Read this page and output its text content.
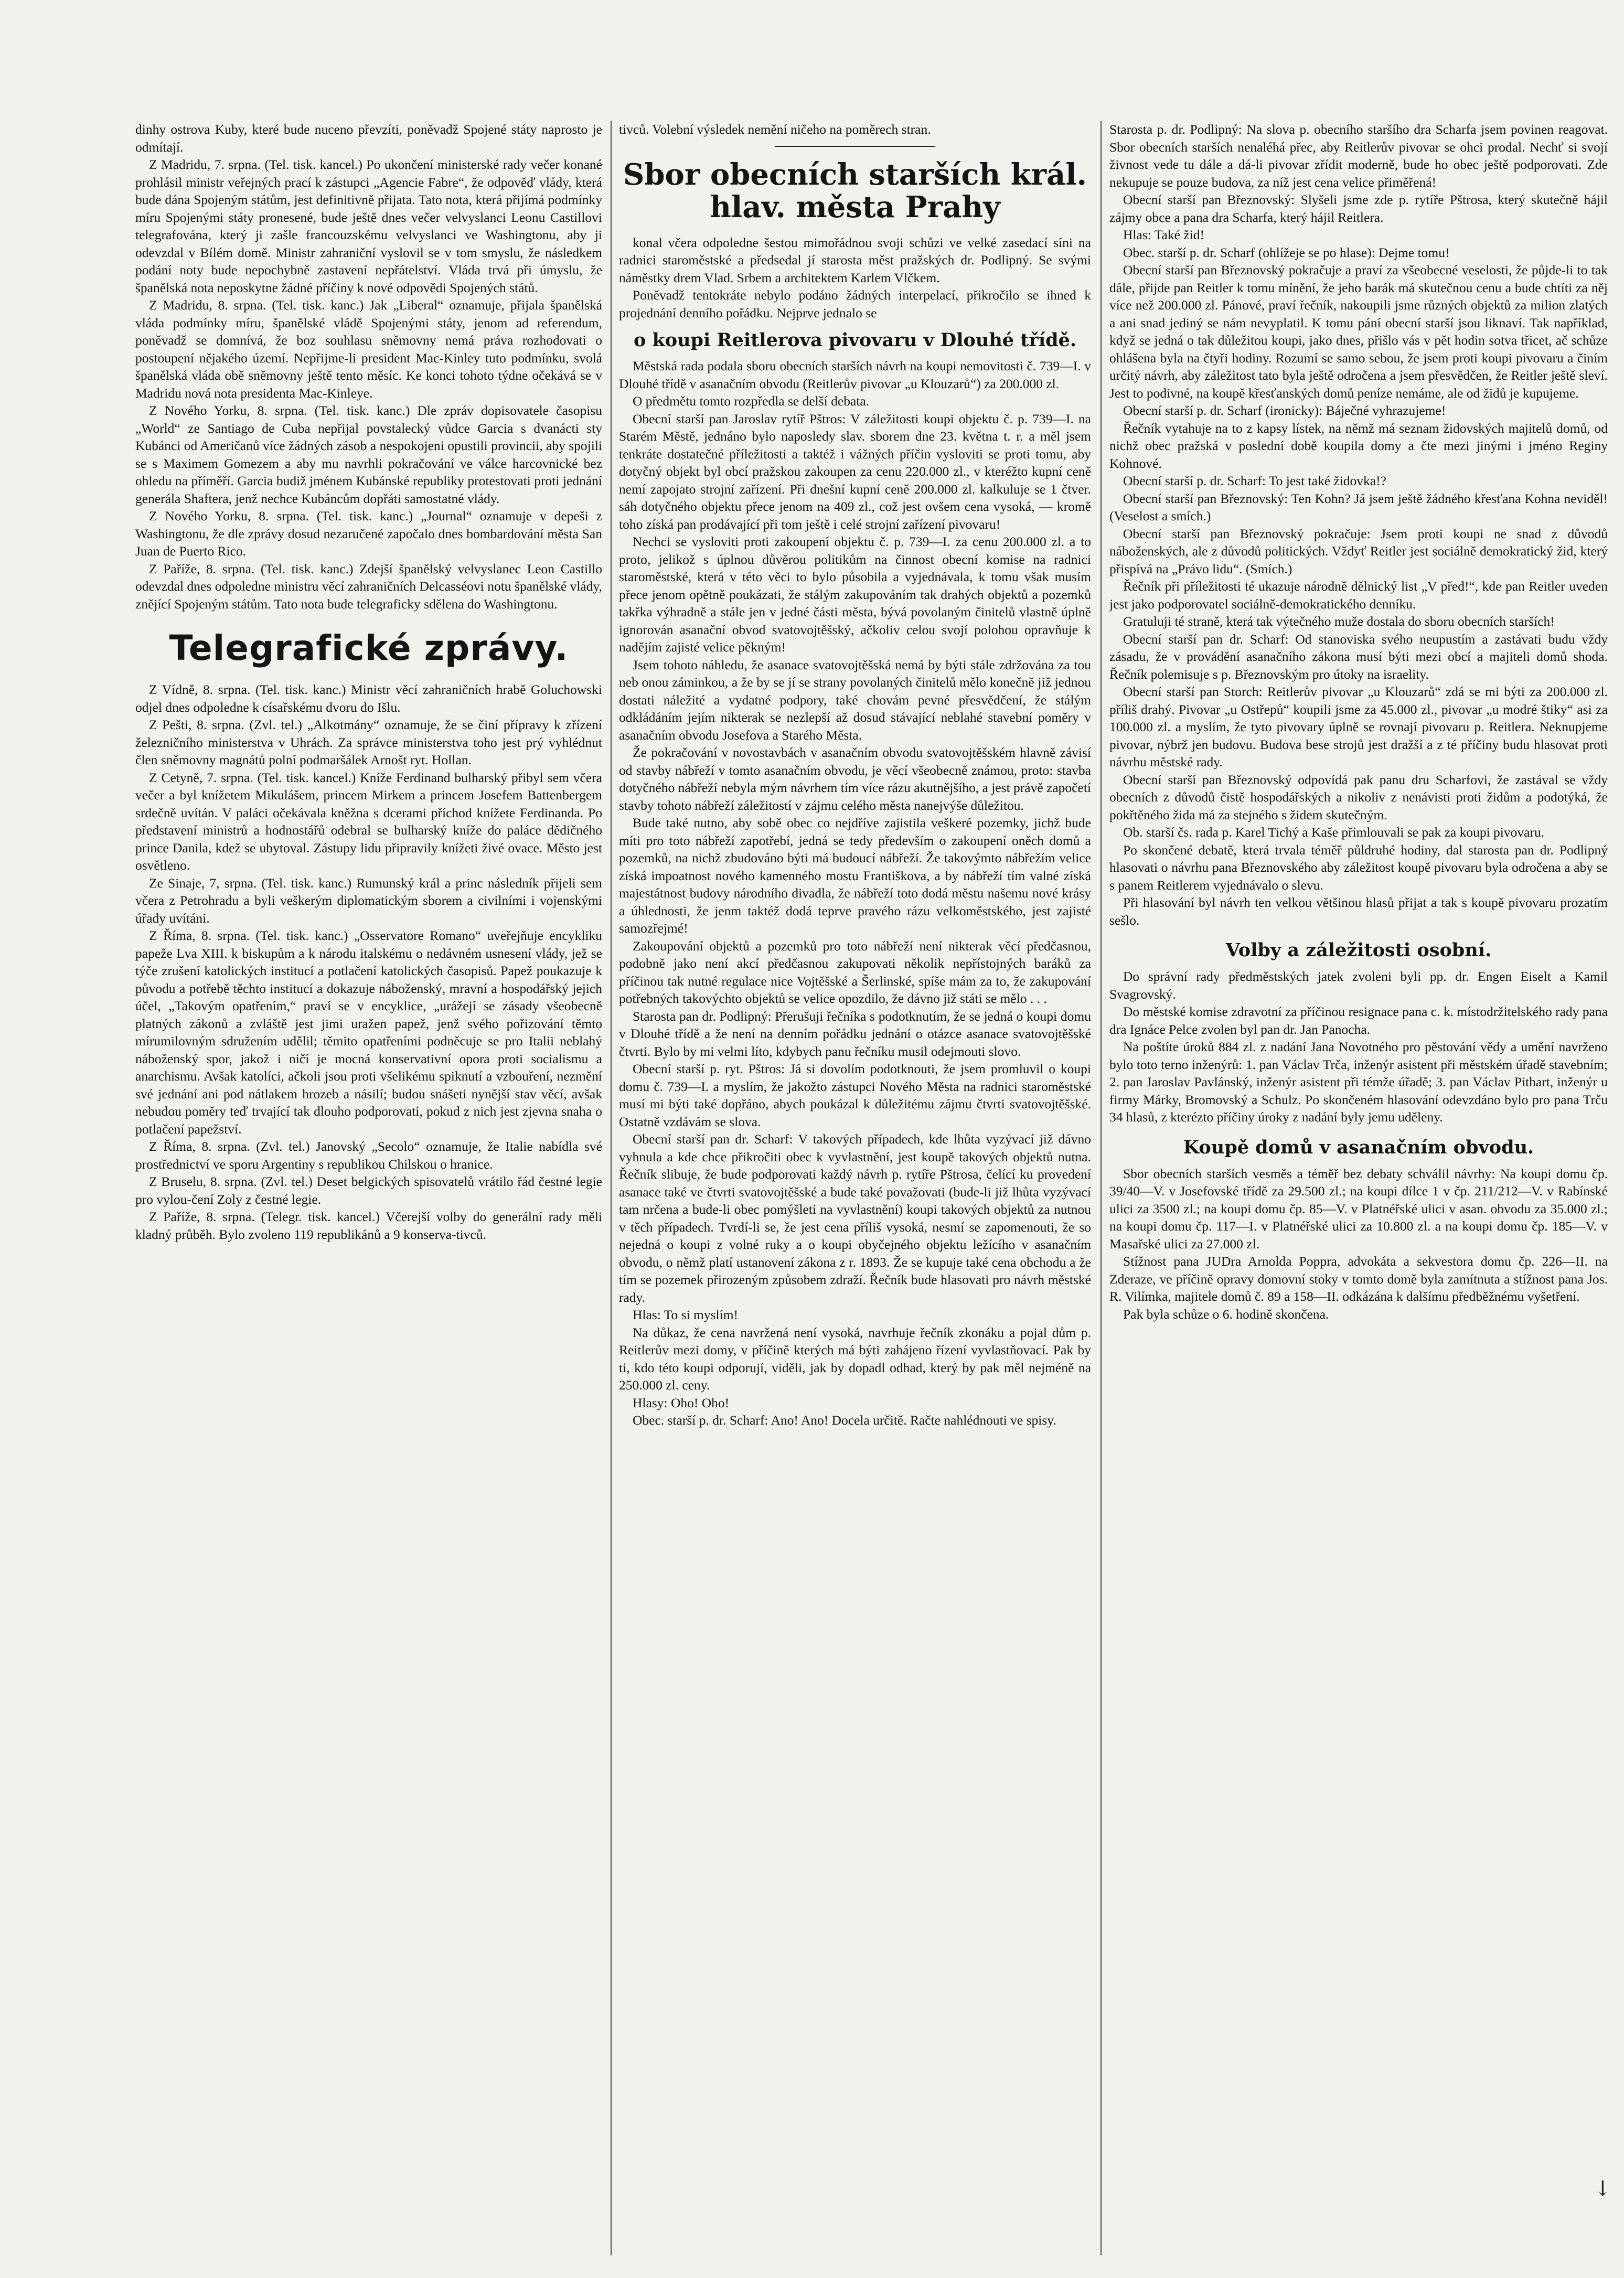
dinhy ostrova Kuby, které bude nuceno převzíti, poněvadž Spojené státy naprosto je odmítají.

Z Madridu, 7. srpna. (Tel. tisk. kancel.) Po ukončení ministerské rady večer konané prohlásil ministr veřejných prací k zástupci „Agencie Fabre“, že odpověď vlády, která bude dána Spojeným státům, jest definitivně přijata. Tato nota, která přijímá podmínky míru Spojenými státy pronesené, bude ještě dnes večer velvyslanci Leonu Castillovi telegrafována, který ji zašle francouzskému velvyslanci ve Washingtonu, aby ji odevzdal v Bílém domě. Ministr zahraniční vyslovil se v tom smyslu, že následkem podání noty bude nepochybně zastavení nepřátelství. Vláda trvá při úmyslu, že španělská nota neposkytne žádné příčiny k nové odpovědi Spojených států.

Z Madridu, 8. srpna. (Tel. tisk. kanc.) Jak „Liberal“ oznamuje, přijala španělská vláda podmínky míru, španělské vládě Spojenými státy, jenom ad referendum, poněvadž se domnívá, že boz souhlasu sněmovny nemá práva rozhodovati o postoupení nějakého území. Nepřijme-li president Mac-Kinley tuto podmínku, svolá španělská vláda obě sněmovny ještě tento měsíc. Ke konci tohoto týdne očekává se v Madridu nová nota presidenta Mac-Kinleye.

Z Nového Yorku, 8. srpna. (Tel. tisk. kanc.) Dle zpráv dopisovatele časopisu „World“ ze Santiago de Cuba nepřijal povstalecký vůdce Garcia s dvanácti sty Kubánci od Američanů více žádných zásob a nespokojeni opustili provincii, aby spojili se s Maximem Gomezem a aby mu navrhli pokračování ve válce harcovnické bez ohledu na příměří. Garcia budiž jménem Kubánské republiky protestovati proti jednání generála Shaftera, jenž nechce Kubáncům dopřáti samostatné vlády.

Z Nového Yorku, 8. srpna. (Tel. tisk. kanc.) „Journal“ oznamuje v depeši z Washingtonu, že dle zprávy dosud nezaručené započalo dnes bombardování města San Juan de Puerto Rico.

Z Paříže, 8. srpna. (Tel. tisk. kanc.) Zdejší španělský velvyslanec Leon Castillo odevzdal dnes odpoledne ministru věcí zahraničních Delcasséovi notu španělské vlády, znějící Spojeným státům. Tato nota bude telegraficky sdělena do Washingtonu.

Telegrafické zprávy.

Z Vídně, 8. srpna. (Tel. tisk. kanc.) Ministr věcí zahraničních hrabě Goluchowski odjel dnes odpoledne k císařskému dvoru do Išlu.

Z Pešti, 8. srpna. (Zvl. tel.) „Alkotmány“ oznamuje, že se činí přípravy k zřízení železničního ministerstva v Uhrách. Za správce ministerstva toho jest prý vyhlédnut člen sněmovny magnátů polní podmaršálek Arnošt ryt. Hollan.

Z Cetyně, 7. srpna. (Tel. tisk. kancel.) Kníže Ferdinand bulharský přibyl sem včera večer a byl knížetem Mikulášem, princem Mirkem a princem Josefem Battenbergem srdečně uvítán. V paláci očekávala kněžna s dcerami příchod knížete Ferdinanda. Po představení ministrů a hodnostářů odebral se bulharský kníže do paláce dědičného prince Danila, kdež se ubytoval. Zástupy lidu připravily knížeti živé ovace. Město jest osvětleno.

Ze Sinaje, 7, srpna. (Tel. tisk. kanc.) Rumunský král a princ následník přijeli sem včera z Petrohradu a byli veškerým diplomatickým sborem a civilními i vojenskými úřady uvítáni.

Z Říma, 8. srpna. (Tel. tisk. kanc.) „Osservatore Romano“ uveřejňuje encykliku papeže Lva XIII. k biskupům a k národu italskému o nedávném usnesení vlády, jež se týče zrušení katolických institucí a potlačení katolických časopisů. Papež poukazuje k původu a potřebě těchto institucí a dokazuje náboženský, mravní a hospodářský jejich účel, „Takovým opatřením,“ praví se v encyklice, „urážejí se zásady všeobecně platných zákonů a zvláště jest jimi uražen papež, jenž svého pořizování těmto mírumilovným sdružením udělil; těmito opatřeními podněcuje se pro Italii neblahý náboženský spor, jakož i ničí je mocná konservativní opora proti socialismu a anarchismu. Avšak katolíci, ačkoli jsou proti všelikému spiknutí a vzbouření, nezmění své jednání ani pod nátlakem hrozeb a násilí; budou snášeti nynější stav věcí, avšak nebudou poměry teď trvající tak dlouho podporovati, pokud z nich jest zjevna snaha o potlačení papežství.

Z Říma, 8. srpna. (Zvl. tel.) Janovský „Secolo“ oznamuje, že Italie nabídla své prostřednictví ve sporu Argentiny s republikou Chilskou o hranice.

Z Bruselu, 8. srpna. (Zvl. tel.) Deset belgických spisovatelů vrátilo řád čestné legie pro vylou-čení Zoly z čestné legie.

Z Paříže, 8. srpna. (Telegr. tisk. kancel.) Včerejší volby do generální rady měli kladný průběh. Bylo zvoleno 119 republikánů a 9 konserva-tivců.

tivců. Volební výsledek nemění ničeho na poměrech stran.

Sbor obecních starších král. hlav. města Prahy

konal včera odpoledne šestou mimořádnou svoji schůzi ve velké zasedací síni na radnici staroměstské a předsedal jí starosta měst pražských dr. Podlipný. Se svými náměstky drem Vlad. Srbem a architektem Karlem Vlčkem.

Poněvadž tentokráte nebylo podáno žádných interpelací, přikročilo se ihned k projednání denního pořádku. Nejprve jednalo se

o koupi Reitlerova pivovaru v Dlouhé třídě.

Městská rada podala sboru obecních starších návrh na koupi nemovitosti č. 739—I. v Dlouhé třídě v asanačním obvodu (Reitlerův pivovar „u Klouzarů“) za 200.000 zl.

O předmětu tomto rozpředla se delší debata.

Obecní starší pan Jaroslav rytíř Pštros: V záležitosti koupi objektu č. p. 739—I. na Starém Městě, jednáno bylo naposledy slav. sborem dne 23. května t. r. a měl jsem tenkráte dostatečné příležitosti a taktéž i vážných příčin vysloviti se proti tomu, aby dotyčný objekt byl obcí pražskou zakoupen za cenu 220.000 zl., v kteréžto kupní ceně nemí zapojato strojní zařízení. Při dnešní kupní ceně 200.000 zl. kalkuluje se 1 čtver. sáh dotyčného objektu přece jenom na 409 zl., což jest ovšem cena vysoká, — kromě toho získá pan prodávající při tom ještě i celé strojní zařízení pivovaru!

Nechci se vysloviti proti zakoupení objektu č. p. 739—I. za cenu 200.000 zl. a to proto, jelikož s úplnou důvěrou politikům na činnost obecní komise na radnici staroměstské, která v této věci to bylo působila a vyjednávala, k tomu však musím přece jenom opětně poukázati, že stálým zakupováním tak drahých objektů a pozemků takřka výhradně a stále jen v jedné části města, bývá povolaným činitelů vlastně úplně ignorován asanační obvod svatovojtěšský, ačkoliv celou svojí polohou opravňuje k nadějím zajisté velice pěkným!

Jsem tohoto náhledu, že asanace svatovojtěšská nemá by býti stále zdržována za tou neb onou záminkou, a že by se jí se strany povolaných činitelů mělo konečně již jednou dostati náležité a vydatné podpory, také chovám pevné přesvědčení, že stálým odkládáním jejím nikterak se nezlepší až dosud stávající neblahé stavební poměry v asanačním obvodu Josefova a Starého Města.

Že pokračování v novostavbách v asanačním obvodu svatovojtěšském hlavně závisí od stavby nábřeží v tomto asanačním obvodu, je věcí všeobecně známou, proto: stavba dotyčného nábřeží nebyla mým návrhem tím více rázu akutnějšího, a jest právě započetí stavby tohoto nábřeží záležitostí v zájmu celého města nanejvýše důležitou.

Bude také nutno, aby sobě obec co nejdříve zajistila veškeré pozemky, jichž bude míti pro toto nábřeží zapotřebí, jedná se tedy především o zakoupení oněch domů a pozemků, na nichž zbudováno býti má budoucí nábřeží. Že takovýmto nábřežím velice získá impoatnost nového kamenného mostu Františkova, a by nábřeží tím valné získá majestátnost budovy národního divadla, že nábřeží toto dodá městu našemu nové krásy a úhlednosti, že jenm taktéž dodá teprve pravého rázu velkoměstského, jest zajisté samozřejmé!

Zakoupování objektů a pozemků pro toto nábřeží není nikterak věcí předčasnou, podobně jako není akcí předčasnou zakupovati několik nepřístojných baráků za příčinou tak nutné regulace nice Vojtěšské a Šerlinské, spíše mám za to, že zakupování potřebných takovýchto objektů se velice opozdilo, že dávno již státi se mělo . . .

Starosta pan dr. Podlipný: Přerušuji řečníka s podotknutím, že se jedná o koupi domu v Dlouhé třídě a že není na denním pořádku jednání o otázce asanace svatovojtěšské čtvrti. Bylo by mi velmi líto, kdybych panu řečníku musil odejmouti slovo.

Obecní starší p. ryt. Pštros: Já si dovolím podotknouti, že jsem promluvil o koupi domu č. 739—I. a myslím, že jakožto zástupci Nového Města na radnici staroměstské musí mi býti také dopřáno, abych poukázal k důležitému zájmu čtvrti svatovojtěšské. Ostatně vzdávám se slova.

Obecní starší pan dr. Scharf: V takových případech, kde lhůta vyzývací již dávno vyhnula a kde chce přikročiti obec k vyvlastnění, jest koupě takových objektů nutna. Řečník slibuje, že bude podporovati každý návrh p. rytíře Pštrosa, čelící ku provedení asanace také ve čtvrti svatovojtěšské a bude také považovati (bude-li již lhůta vyzývací tam nrčena a bude-li obec pomýšleti na vyvlastnění) koupi takových objektů za nutnou v těch případech. Tvrdí-li se, že jest cena příliš vysoká, nesmí se zapomenouti, že so nejedná o koupi z volné ruky a o koupi obyčejného objektu ležícího v asanačním obvodu, o němž platí ustanovení zákona z r. 1893. Že se kupuje také cena obchodu a že tím se pozemek přirozeným způsobem zdraží. Řečník bude hlasovati pro návrh městské rady.

Hlas: To si myslím!

Na důkaz, že cena navržená není vysoká, navrhuje řečník zkonáku a pojal dům p. Reitlerův mezi domy, v příčině kterých má býti zahájeno řízení vyvlastňovací. Pak by ti, kdo této koupi odporují, viděli, jak by dopadl odhad, který by pak měl nejméně na 250.000 zl. ceny.

Hlasy: Oho! Oho!

Obec. starší p. dr. Scharf: Ano! Ano! Docela určitě. Račte nahlédnouti ve spisy.

Starosta p. dr. Podlipný: Na slova p. obecního staršího dra Scharfa jsem povinen reagovat. Sbor obecních starších nenaléhá přec, aby Reitlerův pivovar se ohci prodal. Nechť si svojí živnost vede tu dále a dá-li pivovar zřídit moderně, bude ho obec ještě podporovati. Zde nekupuje se pouze budova, za níž jest cena velice přiměřená!

Obecní starší pan Březnovský: Slyšeli jsme zde p. rytíře Pštrosa, který skutečně hájil zájmy obce a pana dra Scharfa, který hájil Reitlera.

Hlas: Také žid!

Obec. starší p. dr. Scharf (ohlížeje se po hlase): Dejme tomu!

Obecní starší pan Březnovský pokračuje a praví za všeobecné veselosti, že půjde-li to tak dále, přijde pan Reitler k tomu mínění, že jeho barák má skutečnou cenu a bude chtíti za něj více než 200.000 zl. Pánové, praví řečník, nakoupili jsme různých objektů za milion zlatých a ani snad jediný se nám nevyplatil. K tomu pání obecní starší jsou liknaví. Tak například, když se jedná o tak důležitou koupi, jako dnes, přišlo vás v pět hodin sotva třicet, ač schůze ohlášena byla na čtyři hodiny. Rozumí se samo sebou, že jsem proti koupi pivovaru a činím určitý návrh, aby záležitost tato byla ještě odročena a jsem přesvědčen, že Reitler ještě sleví. Jest to podivné, na koupě křesťanských domů peníze nemáme, ale od židů je kupujeme.

Obecní starší p. dr. Scharf (ironicky): Báječné vyhrazujeme!

Řečník vytahuje na to z kapsy lístek, na němž má seznam židovských majitelů domů, od nichž obec pražská v poslední době koupila domy a čte mezi jinými i jméno Reginy Kohnové.

Obecní starší p. dr. Scharf: To jest také židovka!?

Obecní starší pan Březnovský: Ten Kohn? Já jsem ještě žádného křesťana Kohna neviděl! (Veselost a smích.)

Obecní starší pan Březnovský pokračuje: Jsem proti koupi ne snad z důvodů náboženských, ale z důvodů politických. Vždyť Reitler jest sociálně demokratický žid, který přispívá na „Právo lidu“. (Smích.)

Řečník při příležitosti té ukazuje národně dělnický list „V před!“, kde pan Reitler uveden jest jako podporovatel sociálně-demokratického denníku.

Gratuluji té straně, která tak výtečného muže dostala do sboru obecních starších!

Obecní starší pan dr. Scharf: Od stanoviska svého neupustím a zastávati budu vždy zásadu, že v provádění asanačního zákona musí býti mezi obcí a majiteli domů shoda. Řečník polemisuje s p. Březnovským pro útoky na israelity.

Obecní starší pan Storch: Reitlerův pivovar „u Klouzarů“ zdá se mi býti za 200.000 zl. příliš drahý. Pivovar „u Ostřepů“ koupili jsme za 45.000 zl., pivovar „u modré štiky“ asi za 100.000 zl. a myslím, že tyto pivovary úplně se rovnají pivovaru p. Reitlera. Neknupjeme pivovar, nýbrž jen budovu. Budova bese strojů jest dražší a z té příčiny budu hlasovat proti návrhu městské rady.

Obecní starší pan Březnovský odpovídá pak panu dru Scharfovi, že zastával se vždy obecních z důvodů čistě hospodářských a nikoliv z nenávisti proti židům a podotýká, že pokřtěného žida má za stejného s židem skutečným.

Ob. starší čs. rada p. Karel Tichý a Kaše přimlouvali se pak za koupi pivovaru.

Po skončené debatě, která trvala téměř půldruhé hodiny, dal starosta pan dr. Podlipný hlasovati o návrhu pana Březnovského aby záležitost koupě pivovaru byla odročena a aby se s panem Reitlerem vyjednávalo o slevu.

Při hlasování byl návrh ten velkou většinou hlasů přijat a tak s koupě pivovaru prozatím sešlo.

Volby a záležitosti osobní.

Do správní rady předměstských jatek zvoleni byli pp. dr. Engen Eiselt a Kamil Svagrovský.

Do městské komise zdravotní za příčinou resignace pana c. k. místodržitelského rady pana dra Ignáce Pelce zvolen byl pan dr. Jan Panocha.

Na poštíte úroků 884 zl. z nadání Jana Novotného pro pěstování vědy a umění navrženo bylo toto terno inženýrů: 1. pan Václav Trča, inženýr asistent při městském úřadě stavebním; 2. pan Jaroslav Pavlánský, inženýr asistent při témže úřadě; 3. pan Václav Pithart, inženýr u firmy Márky, Bromovský a Schulz. Po skončeném hlasování odevzdáno bylo pro pana Trču 34 hlasů, z kterézto příčiny úroky z nadání byly jemu uděleny.

Koupě domů v asanačním obvodu.

Sbor obecních starších vesměs a téměř bez debaty schválil návrhy: Na koupi domu čp. 39/40—V. v Josefovské třídě za 29.500 zl.; na koupi dílce 1 v čp. 211/212—V. v Rabínské ulici za 3500 zl.; na koupi domu čp. 85—V. v Platnéřské ulici v asan. obvodu za 35.000 zl.; na koupi domu čp. 117—I. v Platnéřské ulici za 10.800 zl. a na koupi domu čp. 185—V. v Masařské ulici za 27.000 zl.

Stížnost pana JUDra Arnolda Poppra, advokáta a sekvestora domu čp. 226—II. na Zderaze, ve příčině opravy domovní stoky v tomto domě byla zamítnuta a stížnost pana Jos. R. Vilímka, majitele domů č. 89 a 158—II. odkázána k dalšímu předběžnému vyšetření.

Pak byla schůze o 6. hodině skončena.

↓
